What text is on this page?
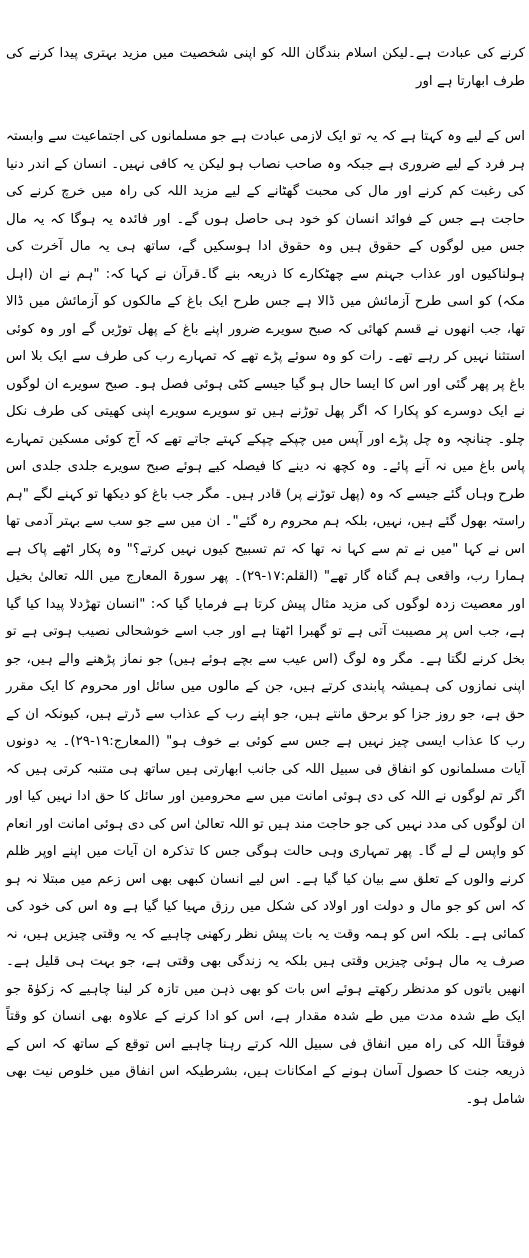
کرنے کی عبادت ہے۔لیکن اسلام بندگان اللہ کو اپنی شخصیت میں مزید بہتری پیدا کرنے کی طرف ابھارتا ہے اور

اس کے لیے وہ کہتا ہے کہ یہ تو ایک لازمی عبادت ہے جو مسلمانوں کی اجتماعیت سے وابستہ ہر فرد کے لیے ضروری ہے جبکہ وہ صاحب نصاب ہو لیکن یہ کافی نہیں۔ انسان کے اندر دنیا کی رغبت کم کرنے اور مال کی محبت گھٹانے کے لیے مزید اللہ کی راہ میں خرچ کرنے کی حاجت ہے جس کے فوائد انسان کو خود ہی حاصل ہوں گے۔ اور فائدہ یہ ہوگا کہ یہ مال جس میں لوگوں کے حقوق ہیں وہ حقوق ادا ہوسکیں گے، ساتھ ہی یہ مال آخرت کی ہولناکیوں اور عذاب جہنم سے چھٹکارے کا ذریعہ بنے گا۔قرآن نے کہا کہ: "ہم نے ان (اہل مکہ) کو اسی طرح آزمائش میں ڈالا ہے جس طرح ایک باغ کے مالکوں کو آزمائش میں ڈالا تھا، جب انھوں نے قسم کھائی کہ صبح سویرے ضرور اپنے باغ کے پھل توڑیں گے اور وہ کوئی استثنا نہیں کر رہے تھے۔ رات کو وہ سوئے پڑے تھے کہ تمہارے رب کی طرف سے ایک بلا اس باغ پر پھر گئی اور اس کا ایسا حال ہو گیا جیسے کٹی ہوئی فصل ہو۔ صبح سویرے ان لوگوں نے ایک دوسرے کو پکارا کہ اگر پھل توڑنے ہیں تو سویرے سویرے اپنی کھیتی کی طرف نکل چلو۔ چنانچہ وہ چل پڑے اور آپس میں چپکے چپکے کہتے جاتے تھے کہ آج کوئی مسکین تمہارے پاس باغ میں نہ آنے پائے۔ وہ کچھ نہ دینے کا فیصلہ کیے ہوئے صبح سویرے جلدی جلدی اس طرح وہاں گئے جیسے کہ وہ (پھل توڑنے پر) قادر ہیں۔ مگر جب باغ کو دیکھا تو کہنے لگے "ہم راستہ بھول گئے ہیں، نہیں، بلکہ ہم محروم رہ گئے"۔ ان میں سے جو سب سے بہتر آدمی تھا اس نے کہا "میں نے تم سے کہا نہ تھا کہ تم تسبیح کیوں نہیں کرتے؟" وہ پکار اٹھے پاک ہے ہمارا رب، واقعی ہم گناہ گار تھے" (القلم:۱۷-۲۹)۔ پھر سورۃ المعارج میں اللہ تعالیٰ بخیل اور معصیت زدہ لوگوں کی مزید مثال پیش کرتا ہے فرمایا گیا کہ: "انسان تھڑدلا پیدا کیا گیا ہے، جب اس پر مصیبت آتی ہے تو گھبرا اٹھتا ہے اور جب اسے خوشحالی نصیب ہوتی ہے تو بخل کرنے لگتا ہے۔ مگر وہ لوگ (اس عیب سے بچے ہوئے ہیں) جو نماز پڑھنے والے ہیں، جو اپنی نمازوں کی ہمیشہ پابندی کرتے ہیں، جن کے مالوں میں سائل اور محروم کا ایک مقرر حق ہے، جو روز جزا کو برحق مانتے ہیں، جو اپنے رب کے عذاب سے ڈرتے ہیں، کیونکہ ان کے رب کا عذاب ایسی چیز نہیں ہے جس سے کوئی بے خوف ہو" (المعارج:۱۹-۲۹)۔ یہ دونوں آیات مسلمانوں کو انفاق فی سبیل اللہ کی جانب ابھارتی ہیں ساتھ ہی متنبہ کرتی ہیں کہ اگر تم لوگوں نے اللہ کی دی ہوئی امانت میں سے محرومین اور سائل کا حق ادا نہیں کیا اور ان لوگوں کی مدد نہیں کی جو حاجت مند ہیں تو اللہ تعالیٰ اس کی دی ہوئی امانت اور انعام کو واپس لے لے گا۔ پھر تمہاری وہی حالت ہوگی جس کا تذکرہ ان آیات میں اپنے اوپر ظلم کرنے والوں کے تعلق سے بیان کیا گیا ہے۔ اس لیے انسان کبھی بھی اس زعم میں مبتلا نہ ہو کہ اس کو جو مال و دولت اور اولاد کی شکل میں رزق مہیا کیا گیا ہے وہ اس کی خود کی کمائی ہے۔ بلکہ اس کو ہمہ وقت یہ بات پیش نظر رکھنی چاہیے کہ یہ وقتی چیزیں ہیں، نہ صرف یہ مال ہوئی چیزیں وقتی ہیں بلکہ یہ زندگی بھی وقتی ہے، جو بہت ہی قلیل ہے۔ انھیں باتوں کو مدنظر رکھتے ہوئے اس بات کو بھی ذہن میں تازہ کر لینا چاہیے کہ زکوٰۃ جو ایک طے شدہ مدت میں طے شدہ مقدار ہے، اس کو ادا کرنے کے علاوہ بھی انسان کو وقتاً فوقتاً اللہ کی راہ میں انفاق فی سبیل اللہ کرتے رہنا چاہیے اس توقع کے ساتھ کہ اس کے ذریعہ جنت کا حصول آسان ہونے کے امکانات ہیں، بشرطیکہ اس انفاق میں خلوص نیت بھی شامل ہو۔
